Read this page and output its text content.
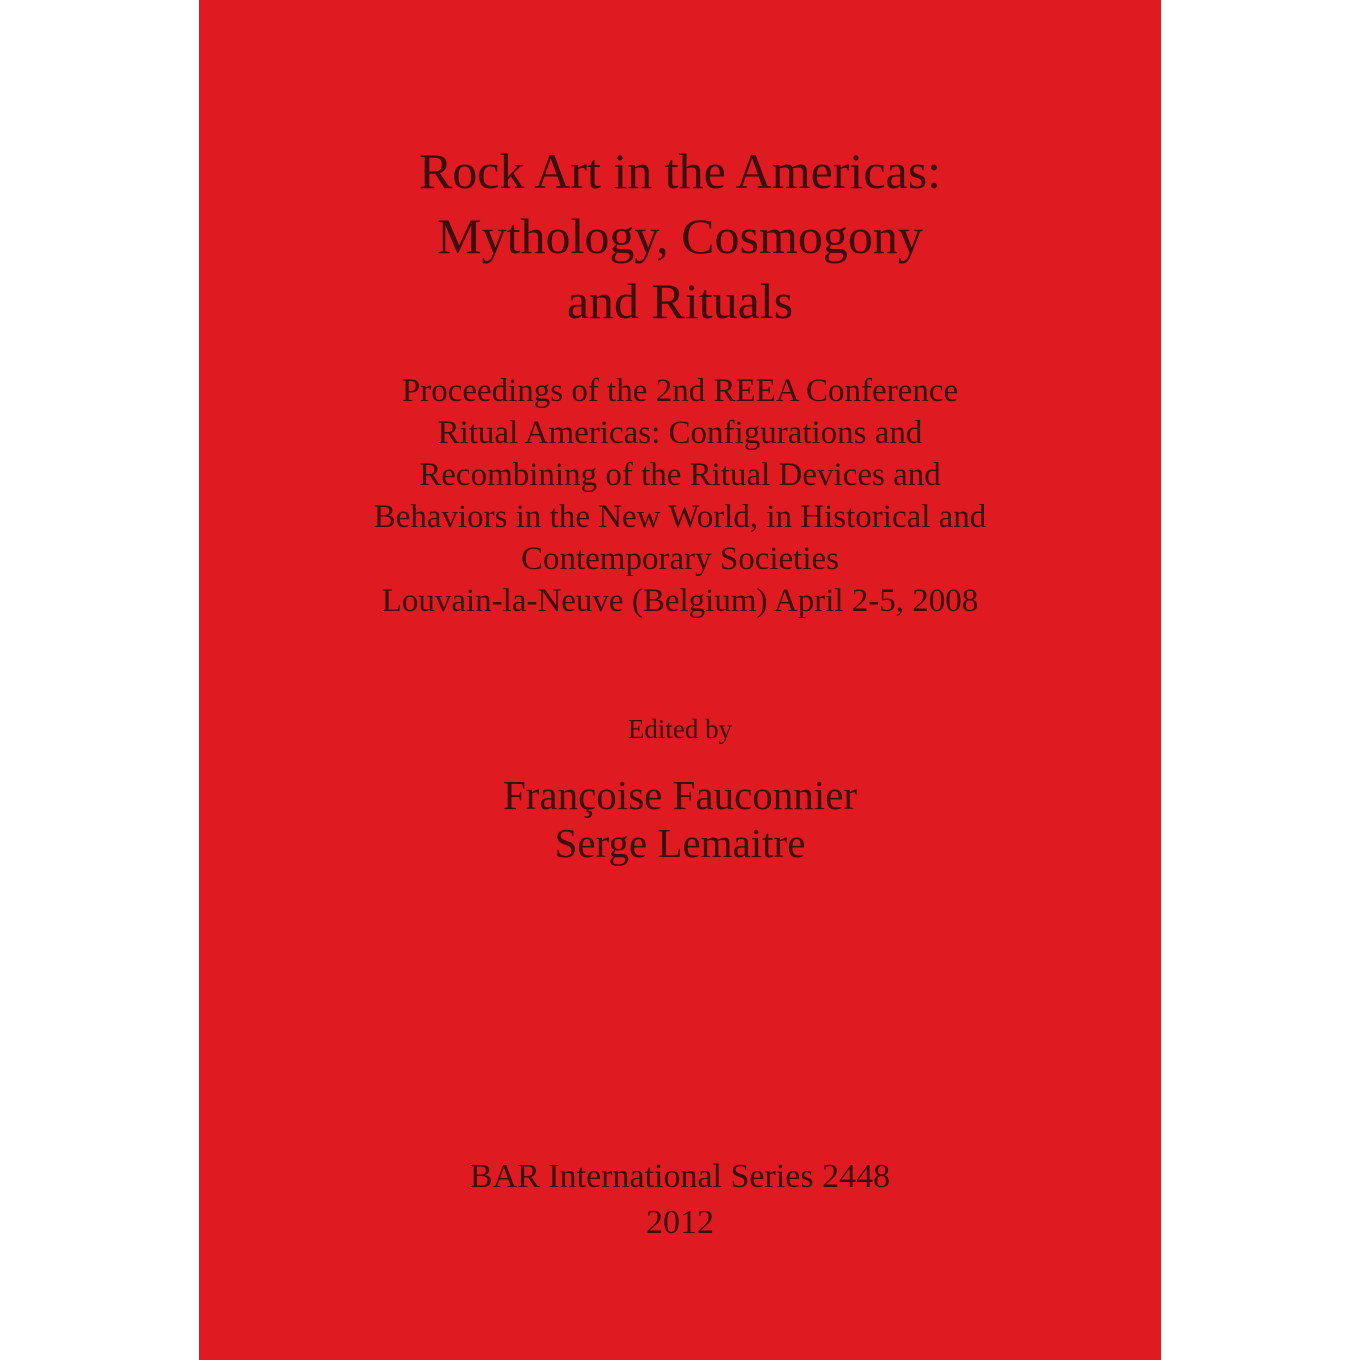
Rock Art in the Americas:
Mythology, Cosmogony
and Rituals
Proceedings of the 2nd REEA Conference
Ritual Americas: Configurations and
Recombining of the Ritual Devices and
Behaviors in the New World, in Historical and
Contemporary Societies
Louvain-la-Neuve (Belgium) April 2-5, 2008
Edited by
Françoise Fauconnier
Serge Lemaitre
BAR International Series 2448
2012
